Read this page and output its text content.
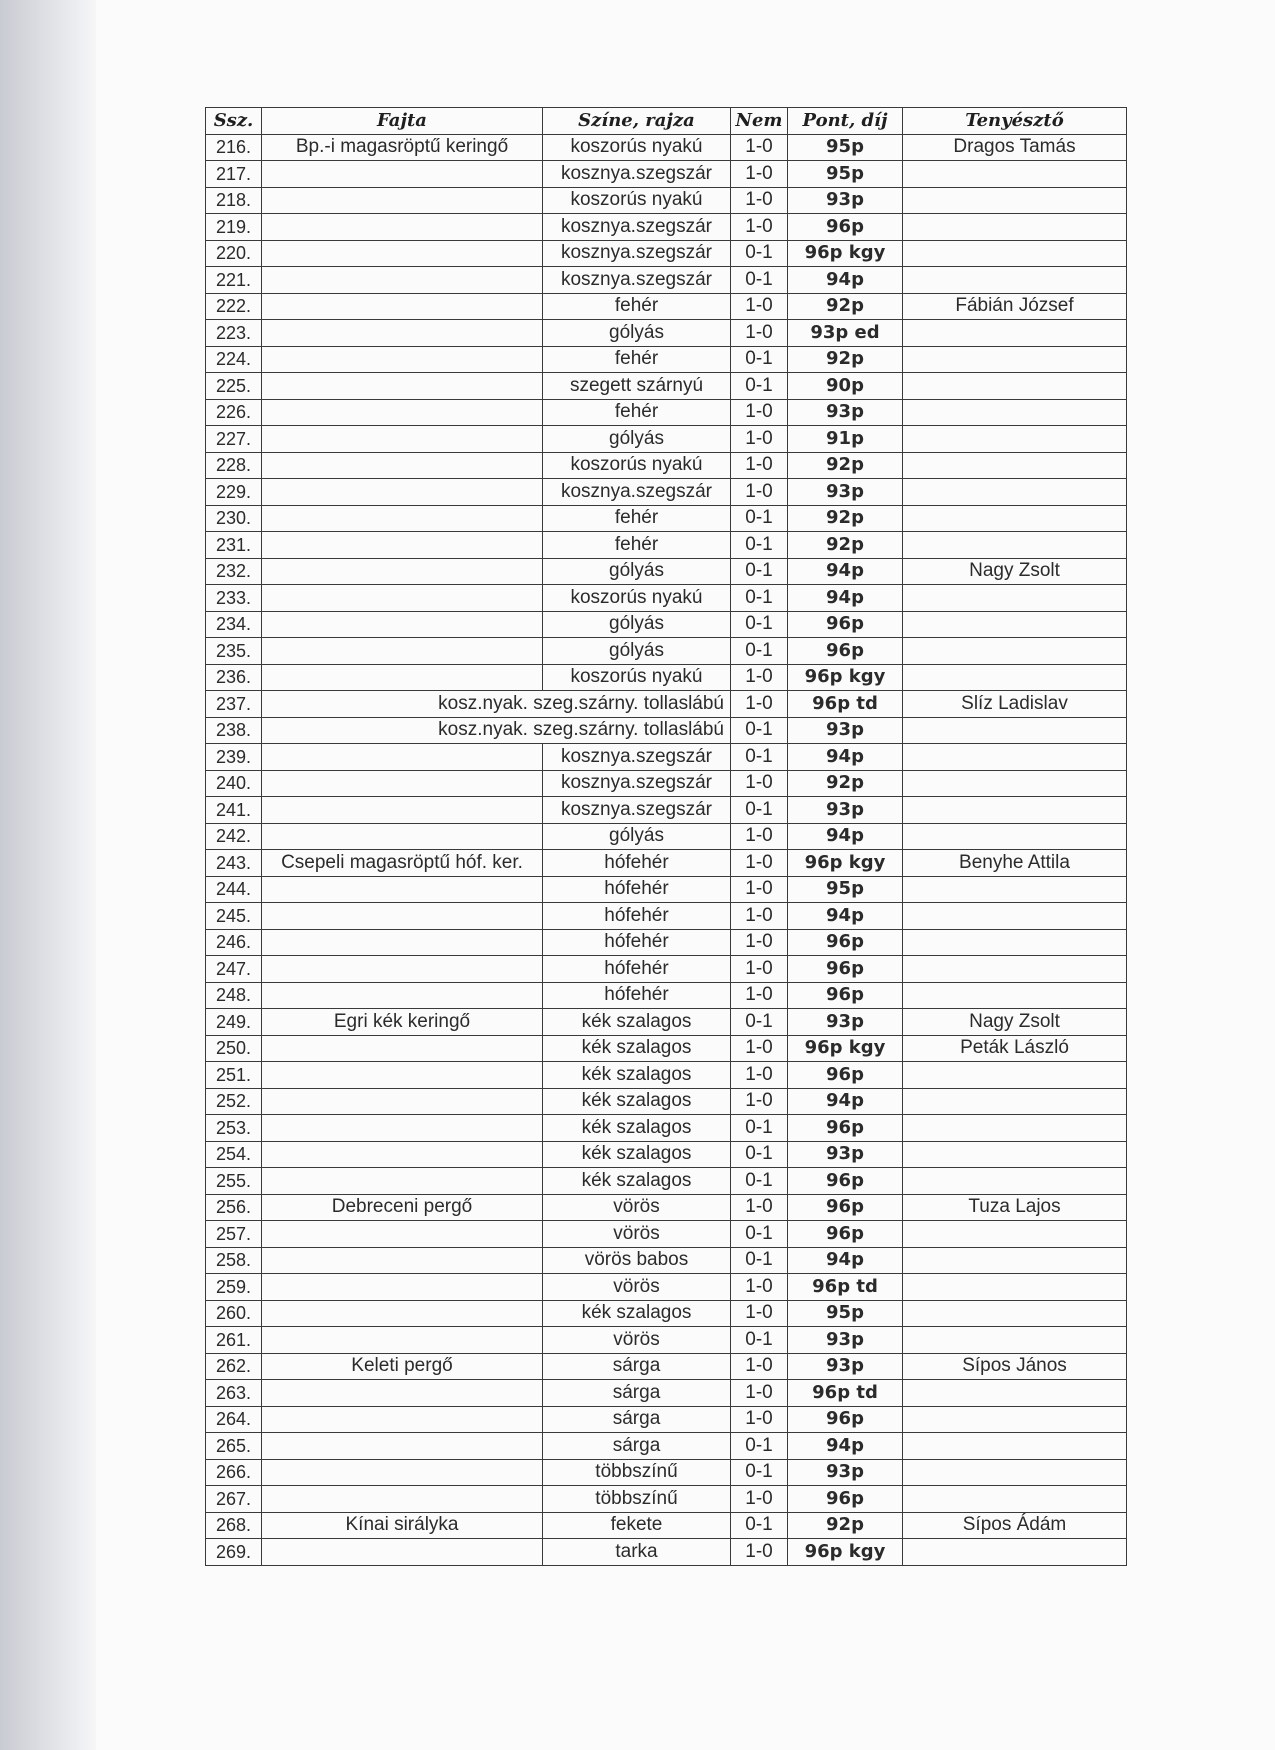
Ssz.	Fajta	Színe, rajza	Nem	Pont, díj	Tenyésztő
216.	Bp.-i magasröptű keringő	koszorús nyakú	1-0	95p	Dragos Tamás
217.		kosznya.szegszár	1-0	95p	
218.		koszorús nyakú	1-0	93p	
219.		kosznya.szegszár	1-0	96p	
220.		kosznya.szegszár	0-1	96p kgy	
221.		kosznya.szegszár	0-1	94p	
222.		fehér	1-0	92p	Fábián József
223.		gólyás	1-0	93p ed	
224.		fehér	0-1	92p	
225.		szegett szárnyú	0-1	90p	
226.		fehér	1-0	93p	
227.		gólyás	1-0	91p	
228.		koszorús nyakú	1-0	92p	
229.		kosznya.szegszár	1-0	93p	
230.		fehér	0-1	92p	
231.		fehér	0-1	92p	
232.		gólyás	0-1	94p	Nagy Zsolt
233.		koszorús nyakú	0-1	94p	
234.		gólyás	0-1	96p	
235.		gólyás	0-1	96p	
236.		koszorús nyakú	1-0	96p kgy	
237.	kosz.nyak. szeg.szárny. tollaslábú		1-0	96p td	Slíz Ladislav
238.	kosz.nyak. szeg.szárny. tollaslábú		0-1	93p	
239.		kosznya.szegszár	0-1	94p	
240.		kosznya.szegszár	1-0	92p	
241.		kosznya.szegszár	0-1	93p	
242.		gólyás	1-0	94p	
243.	Csepeli magasröptű hóf. ker.	hófehér	1-0	96p kgy	Benyhe Attila
244.		hófehér	1-0	95p	
245.		hófehér	1-0	94p	
246.		hófehér	1-0	96p	
247.		hófehér	1-0	96p	
248.		hófehér	1-0	96p	
249.	Egri kék keringő	kék szalagos	0-1	93p	Nagy Zsolt
250.		kék szalagos	1-0	96p kgy	Peták László
251.		kék szalagos	1-0	96p	
252.		kék szalagos	1-0	94p	
253.		kék szalagos	0-1	96p	
254.		kék szalagos	0-1	93p	
255.		kék szalagos	0-1	96p	
256.	Debreceni pergő	vörös	1-0	96p	Tuza Lajos
257.		vörös	0-1	96p	
258.		vörös babos	0-1	94p	
259.		vörös	1-0	96p td	
260.		kék szalagos	1-0	95p	
261.		vörös	0-1	93p	
262.	Keleti pergő	sárga	1-0	93p	Sípos János
263.		sárga	1-0	96p td	
264.		sárga	1-0	96p	
265.		sárga	0-1	94p	
266.		többszínű	0-1	93p	
267.		többszínű	1-0	96p	
268.	Kínai sirályka	fekete	0-1	92p	Sípos Ádám
269.		tarka	1-0	96p kgy	
